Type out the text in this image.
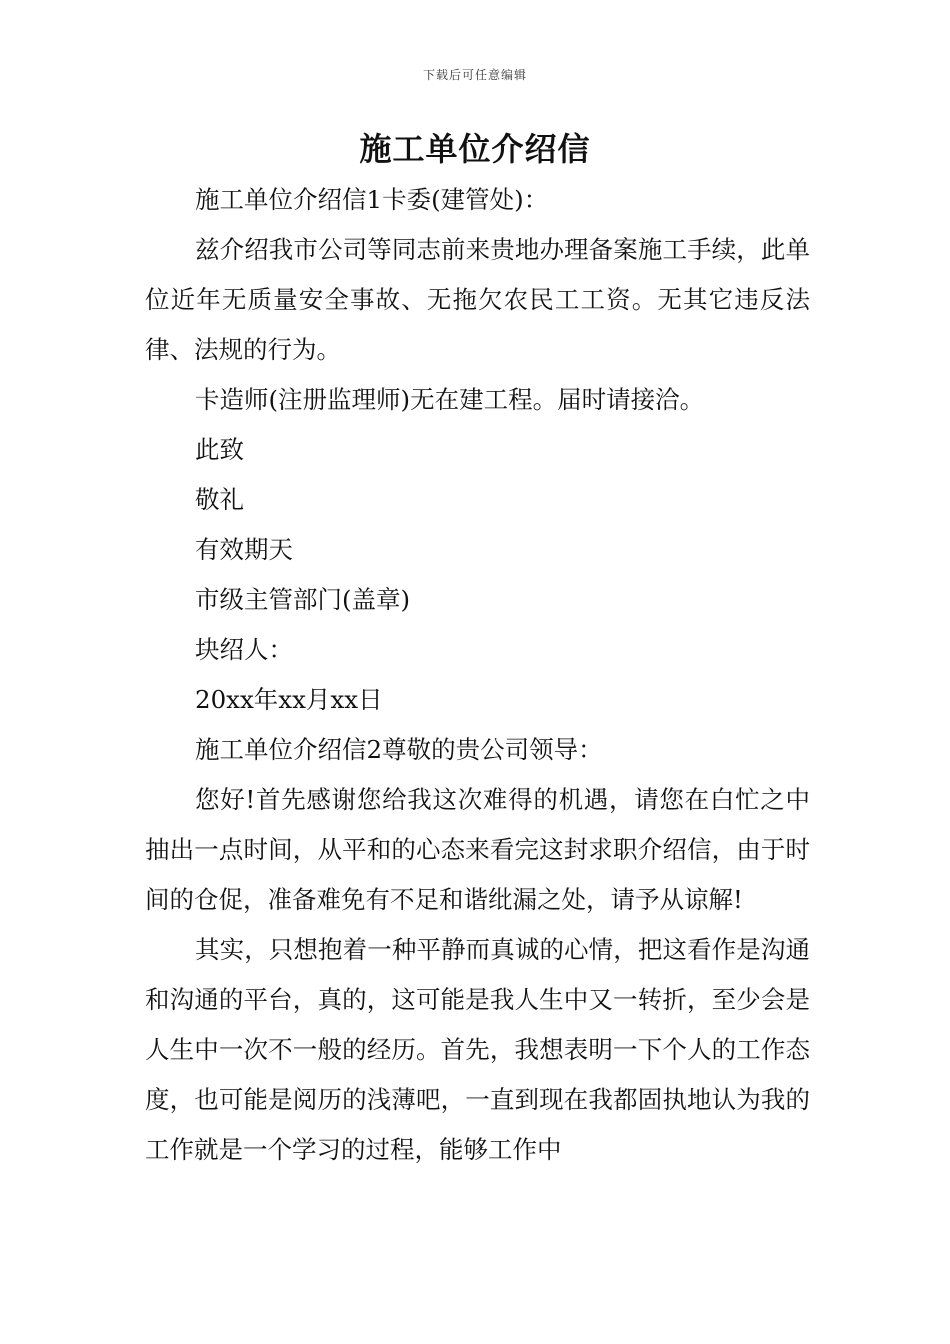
下载后可任意编辑
施工单位介绍信

施工单位介绍信1卡委(建管处)：

兹介绍我市公司等同志前来贵地办理备案施工手续，此单位近年无质量安全事故、无拖欠农民工工资。无其它违反法律、法规的行为。

卡造师(注册监理师)无在建工程。届时请接洽。

此致

敬礼

有效期天

市级主管部门(盖章)

块绍人：

20xx年xx月xx日

施工单位介绍信2尊敬的贵公司领导：

您好!首先感谢您给我这次难得的机遇，请您在白忙之中抽出一点时间，从平和的心态来看完这封求职介绍信，由于时间的仓促，准备难免有不足和谐纰漏之处，请予从谅解!

其实，只想抱着一种平静而真诚的心情，把这看作是沟通和沟通的平台，真的，这可能是我人生中又一转折，至少会是人生中一次不一般的经历。首先，我想表明一下个人的工作态度，也可能是阅历的浅薄吧，一直到现在我都固执地认为我的工作就是一个学习的过程，能够工作中
